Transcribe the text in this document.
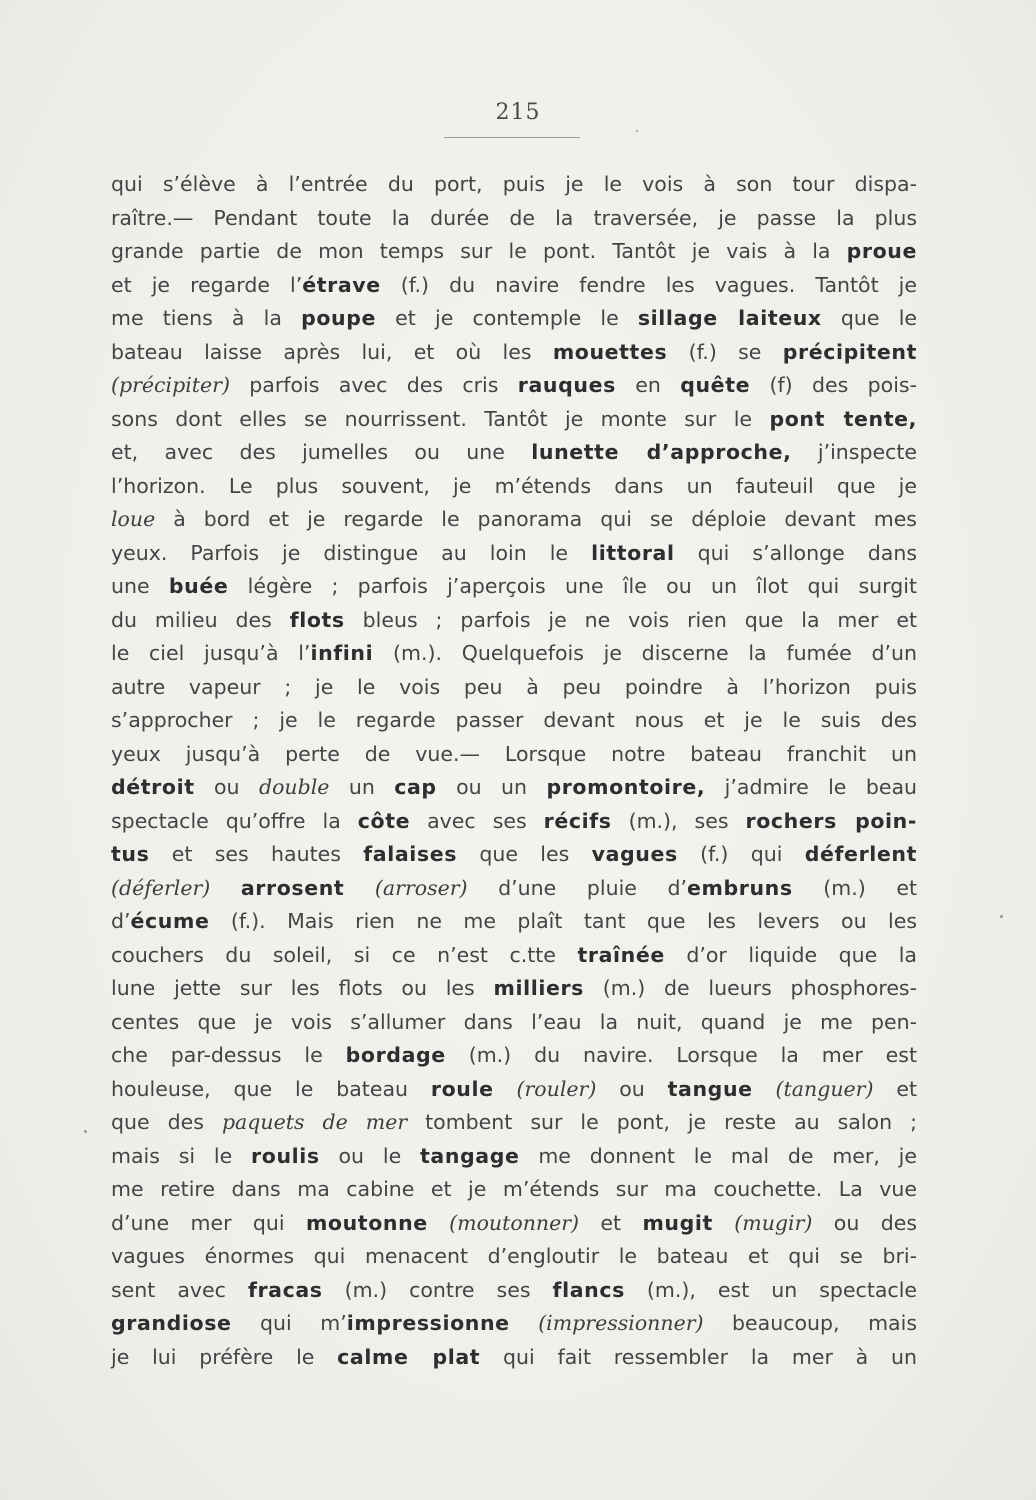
215
qui s’élève à l’entrée du port, puis je le vois à son tour dispa-
raître.— Pendant toute la durée de la traversée, je passe la plus
grande partie de mon temps sur le pont. Tantôt je vais à la proue
et je regarde l’étrave (f.) du navire fendre les vagues. Tantôt je
me tiens à la poupe et je contemple le sillage laiteux que le
bateau laisse après lui, et où les mouettes (f.) se précipitent
(précipiter) parfois avec des cris rauques en quête (f) des pois-
sons dont elles se nourrissent. Tantôt je monte sur le pont tente,
et, avec des jumelles ou une lunette d’approche, j’inspecte
l’horizon. Le plus souvent, je m’étends dans un fauteuil que je
loue à bord et je regarde le panorama qui se déploie devant mes
yeux. Parfois je distingue au loin le littoral qui s’allonge dans
une buée légère ; parfois j’aperçois une île ou un îlot qui surgit
du milieu des flots bleus ; parfois je ne vois rien que la mer et
le ciel jusqu’à l’infini (m.). Quelquefois je discerne la fumée d’un
autre vapeur ; je le vois peu à peu poindre à l’horizon puis
s’approcher ; je le regarde passer devant nous et je le suis des
yeux jusqu’à perte de vue.— Lorsque notre bateau franchit un
détroit ou double un cap ou un promontoire, j’admire le beau
spectacle qu’offre la côte avec ses récifs (m.), ses rochers poin-
tus et ses hautes falaises que les vagues (f.) qui déferlent
(déferler) arrosent (arroser) d’une pluie d’embruns (m.) et
d’écume (f.). Mais rien ne me plaît tant que les levers ou les
couchers du soleil, si ce n’est c.tte traînée d’or liquide que la
lune jette sur les flots ou les milliers (m.) de lueurs phosphores-
centes que je vois s’allumer dans l’eau la nuit, quand je me pen-
che par-dessus le bordage (m.) du navire. Lorsque la mer est
houleuse, que le bateau roule (rouler) ou tangue (tanguer) et
que des paquets de mer tombent sur le pont, je reste au salon ;
mais si le roulis ou le tangage me donnent le mal de mer, je
me retire dans ma cabine et je m’étends sur ma couchette. La vue
d’une mer qui moutonne (moutonner) et mugit (mugir) ou des
vagues énormes qui menacent d’engloutir le bateau et qui se bri-
sent avec fracas (m.) contre ses flancs (m.), est un spectacle
grandiose qui m’impressionne (impressionner) beaucoup, mais
je lui préfère le calme plat qui fait ressembler la mer à un
